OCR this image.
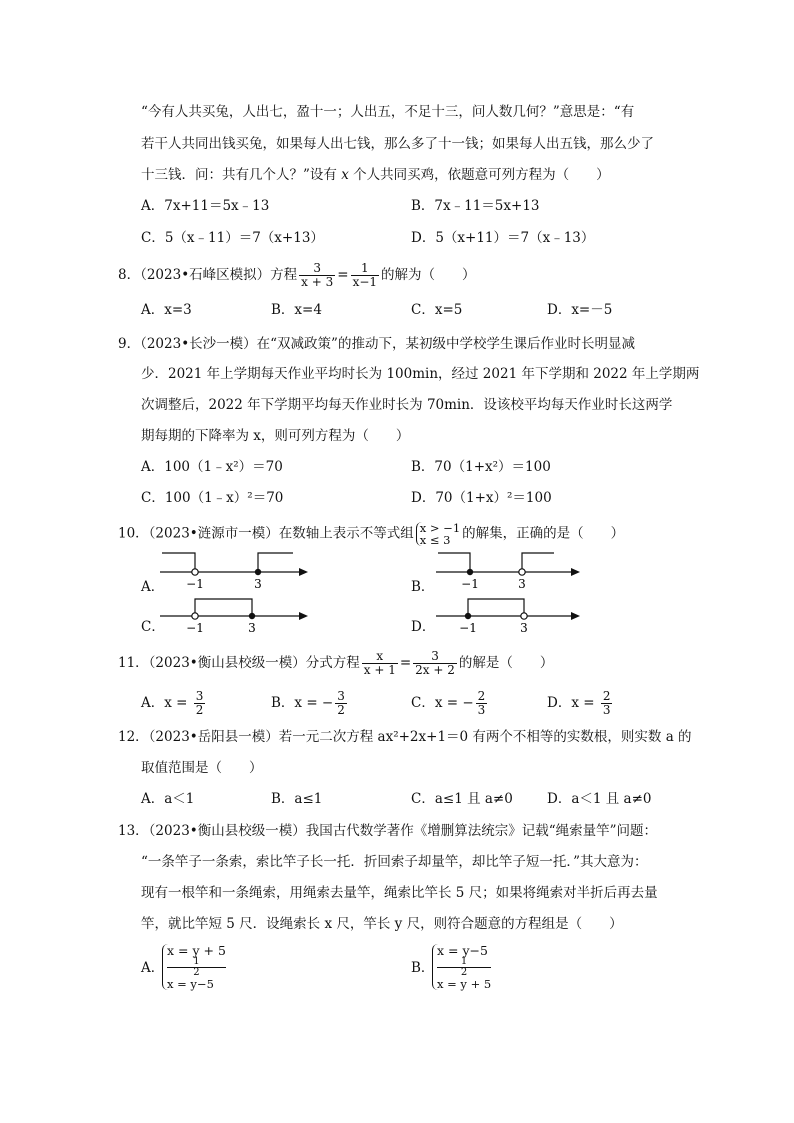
“今有人共买兔，人出七，盈十一；人出五，不足十三，问人数几何？”意思是：“有
若干人共同出钱买兔，如果每人出七钱，那么多了十一钱；如果每人出五钱，那么少了
十三钱．问：共有几个人？”设有 x 个人共同买鸡，依题意可列方程为（　　）
A．7x+11＝5x﹣13	B．7x﹣11＝5x+13
C．5（x﹣11）＝7（x+13）	D．5（x+11）＝7（x﹣13）
8．（2023•石峰区模拟）方程 $\frac{3}{x + 3} = \frac{1}{x-1}$ 的解为（　　）
A．x=3	B．x=4	C．x=5	D．x=－5
9．（2023•长沙一模）在“双减政策”的推动下，某初级中学校学生课后作业时长明显减
少．2021 年上学期每天作业平均时长为 100min，经过 2021 年下学期和 2022 年上学期两
次调整后，2022 年下学期平均每天作业时长为 70min．设该校平均每天作业时长这两学
期每期的下降率为 x，则可列方程为（　　）
A．100（1﹣x²）＝70	B．70（1+x²）＝100
C．100（1﹣x）²＝70	D．70（1+x）²＝100
10．（2023•涟源市一模）在数轴上表示不等式组 x > −1
x ≤ 3 的解集，正确的是（　　）
A． −1	3	B． −1	3
C． −1	3	D． −1	3
11．（2023•衡山县校级一模）分式方程 $\frac{x}{x + 1} = \frac{3}{2x + 2}$ 的解是（　　）
A．$x = \frac{3}{2}$	B．x = − $\frac{3}{2}$	C．x = − $\frac{2}{3}$	D．$x = \frac{2}{3}$
12．（2023•岳阳县一模）若一元二次方程 ax²+2x+1＝0 有两个不相等的实数根，则实数 a 的
取值范围是（　　）
A．a＜1	B．a≤1	C．a≤1 且 a≠0	D．a＜1 且 a≠0
13．（2023•衡山县校级一模）我国古代数学著作《增删算法统宗》记载“绳索量竿”问题：
“一条竿子一条索，索比竿子长一托．折回索子却量竿，却比竿子短一托．”其大意为：
现有一根竿和一条绳索，用绳索去量竿，绳索比竿长 5 尺；如果将绳索对半折后再去量
竿，就比竿短 5 尺．设绳索长 x 尺，竿长 y 尺，则符合题意的方程组是（　　）
A．
x = y + 5
1
2
x = y−5
B．
x = y−5
1
2
x = y + 5
